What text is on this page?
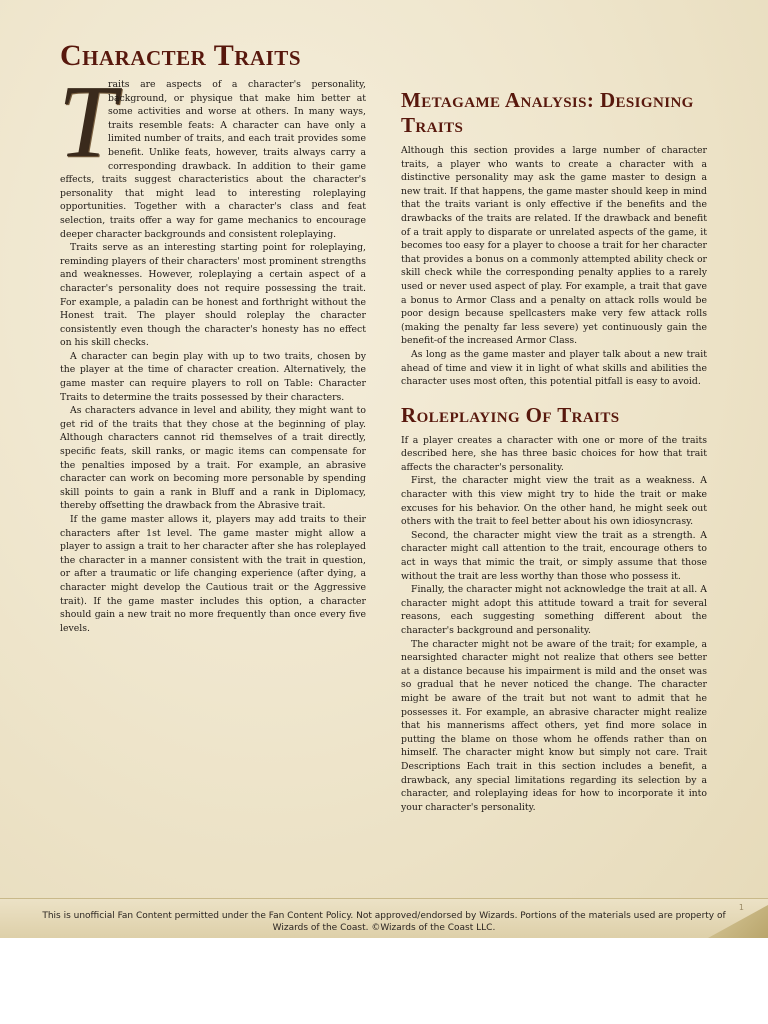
Character Traits
T

raits are aspects of a character's personality, background, or physique that make him better at some activities and worse at others. In many ways, traits resemble feats: A character can have only a limited number of traits, and each trait provides some benefit. Unlike feats, however, traits always carry a corresponding drawback. In addition to their game effects, traits suggest characteristics about the character's personality that might lead to interesting roleplaying opportunities. Together with a character's class and feat selection, traits offer a way for game mechanics to encourage deeper character backgrounds and consistent roleplaying.

Traits serve as an interesting starting point for roleplaying, reminding players of their characters' most prominent strengths and weaknesses. However, roleplaying a certain aspect of a character's personality does not require possessing the trait. For example, a paladin can be honest and forthright without the Honest trait. The player should roleplay the character consistently even though the character's honesty has no effect on his skill checks.

A character can begin play with up to two traits, chosen by the player at the time of character creation. Alternatively, the game master can require players to roll on Table: Character Traits to determine the traits possessed by their characters.

As characters advance in level and ability, they might want to get rid of the traits that they chose at the beginning of play. Although characters cannot rid themselves of a trait directly, specific feats, skill ranks, or magic items can compensate for the penalties imposed by a trait. For example, an abrasive character can work on becoming more personable by spending skill points to gain a rank in Bluff and a rank in Diplomacy, thereby offsetting the drawback from the Abrasive trait.

If the game master allows it, players may add traits to their characters after 1st level. The game master might allow a player to assign a trait to her character after she has roleplayed the character in a manner consistent with the trait in question, or after a traumatic or life changing experience (after dying, a character might develop the Cautious trait or the Aggressive trait). If the game master includes this option, a character should gain a new trait no more frequently than once every five levels.

Metagame Analysis: Designing Traits

Although this section provides a large number of character traits, a player who wants to create a character with a distinctive personality may ask the game master to design a new trait. If that happens, the game master should keep in mind that the traits variant is only effective if the benefits and the drawbacks of the traits are related. If the drawback and benefit of a trait apply to disparate or unrelated aspects of the game, it becomes too easy for a player to choose a trait for her character that provides a bonus on a commonly attempted ability check or skill check while the corresponding penalty applies to a rarely used or never used aspect of play. For example, a trait that gave a bonus to Armor Class and a penalty on attack rolls would be poor design because spellcasters make very few attack rolls (making the penalty far less severe) yet continuously gain the benefit-of the increased Armor Class.

As long as the game master and player talk about a new trait ahead of time and view it in light of what skills and abilities the character uses most often, this potential pitfall is easy to avoid.

Roleplaying Of Traits

If a player creates a character with one or more of the traits described here, she has three basic choices for how that trait affects the character's personality.

First, the character might view the trait as a weakness. A character with this view might try to hide the trait or make excuses for his behavior. On the other hand, he might seek out others with the trait to feel better about his own idiosyncrasy.

Second, the character might view the trait as a strength. A character might call attention to the trait, encourage others to act in ways that mimic the trait, or simply assume that those without the trait are less worthy than those who possess it.

Finally, the character might not acknowledge the trait at all. A character might adopt this attitude toward a trait for several reasons, each suggesting something different about the character's background and personality.

The character might not be aware of the trait; for example, a nearsighted character might not realize that others see better at a distance because his impairment is mild and the onset was so gradual that he never noticed the change. The character might be aware of the trait but not want to admit that he possesses it. For example, an abrasive character might realize that his mannerisms affect others, yet find more solace in putting the blame on those whom he offends rather than on himself. The character might know but simply not care. Trait Descriptions Each trait in this section includes a benefit, a drawback, any special limitations regarding its selection by a character, and roleplaying ideas for how to incorporate it into your character's personality.

1
This is unofficial Fan Content permitted under the Fan Content Policy. Not approved/endorsed by Wizards. Portions of the materials used are property of Wizards of the Coast. ©Wizards of the Coast LLC.
